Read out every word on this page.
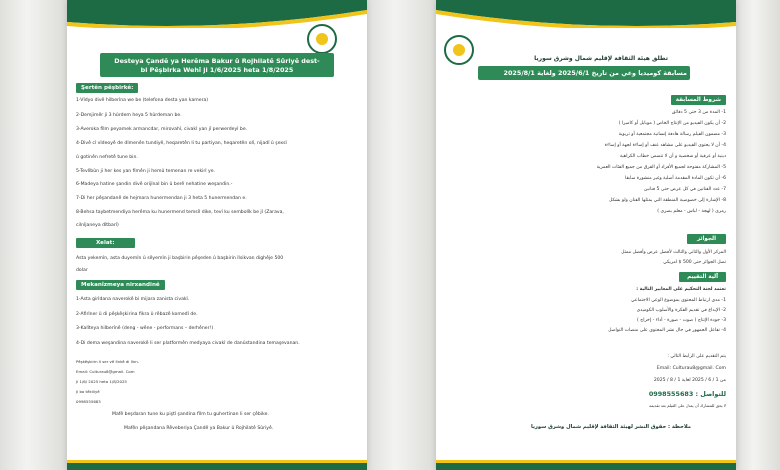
Desteya Çandê ya Herêma Bakur û Rojhilatê Sûriyê dest-
bi Pêşbirka Wehî ji 1/6/2025 heta 1/8/2025
Şertên pêşbirkê:
1-Vîdyo divê hilberîna we be (telefona desta yan kamera)
2-Demjimêr ji 3 hûrdem heya 5 hûrdeman be.
3-Averoka fîlm peyamek armancdar, mirovahî, civakî yan jî perwerdeyî be.
4-Divê cî vîdeoyê de dîmenên tundiyê, heqaretên li tu partiyan, heqaretên olî, nijadî û şexsî
û gotinên nefretê tune bin.
5-Tevlîbûn ji her kes yan fîmên ji hemû temenan re vekirî ye.
6-Madeya hatine şandin divê orijînal bin û berê nehatine weşandin.-
7-Di her pêşandanê de hejmara hunermendan ji 3 heta 5 hunermendan e.
8-Behsa taybetmendiya herêma ku hunermend temsîl dike, tevî ku sembolîk be jî (Zarava,
cilnîjaneya dîtbarî)
Xelat:
Asta yekemîn, asta duyemîn û sêyemîn ji başbirin pêşeden û başbirin îlsikvan dighêje 500
dolar
Mekanîzmeya nirxandinê
1-Asta girîdana naverokê bi mijara zanista civakî.
2-Afirîner û di pêşkêşkirina fikra û rêbazê komedî de.
3-Kalîteya hilberînê (deng - wêne - performans – derhêner!)
4-Di dema weşandina naverokê li ser platformên medyaya civakî de danûstandina temaşevanan.
Pêşkêşkirin li ser vê lînkê di lînn.
Email: Culturau8@gmail. Com
Ji 1/6/ 2025 heta 1/8/2025
Ji bo têkiliyê
0998555683
Mafê beşdaran tune ku piştî şandina fîlm tu guhertinan li ser çêbike.
Mafên pêşandana Rêveberiya Çandê ya Bakur û Rojhilatê Sûriyê.
تطلق هيئة الثقافة لإقليم شمال وشرق سوريا
مسابقة كوميديا وعي من تاريخ 2025/6/1 ولغاية 2025/8/1
شروط المسابقة
1- المدة من 3 حتى 5 دقائق
2- أن يكون الفيديو من الإنتاج الخاص ( موبايل أو كاميرا )
3- مضمون الفيلم رسالة هادفة إنسانية مجتمعية أو تربوية
4- أن لا يحتوي الفيديو على مشاهد عنف أو إساءة لجهة أو إساءة
دينية أو عرقية أو شخصية و أن لا تتضمن خطاب الكراهية
5- المشاركة مفتوحة لجميع الأفراد أو الفرق من جميع الفئات العمرية
6- أن تكون المادة المقدمة أصلية وغير منشورة سابقا
7- عدد الفنانين في كل عرض حتى 5 فنانين
8- الإشارة إلى خصوصية المنطقة التي يمثلها الفنان ولو بشكل
رمزي ( لهجة - لباس - معلم بصري )
الجوائز
المركز الأول والثاني والثالث لأفضل عرض وأفضل ممثل
تصل الجوائز حتى 500 $ امريكي
آلية التقييم
تعتمد لجنة التحكيم على المعايير التالية :
1- مدى ارتباط المحتوى بموضوع الوعي الاجتماعي
2- الإبداع في تقديم الفكرة والأسلوب الكوميدي
3- جودة الإنتاج ( صوت - صورة - أداء - إخراج )
4- تفاعل الجمهور في حال نشر المحتوى على منصات التواصل
يتم التقديم على الرابط التالي :
Email: Culturau8@gmail. Com
من 1 / 6 / 2025 لغاية 1 / 8 / 2025
للتواصل : 0998555683
لا يحق للمشارك أن يعدل على الفيلم بعد تقديمه
ملاحظة : حقوق النشر لهيئة الثقافة لإقليم شمال وشرق سوريا
